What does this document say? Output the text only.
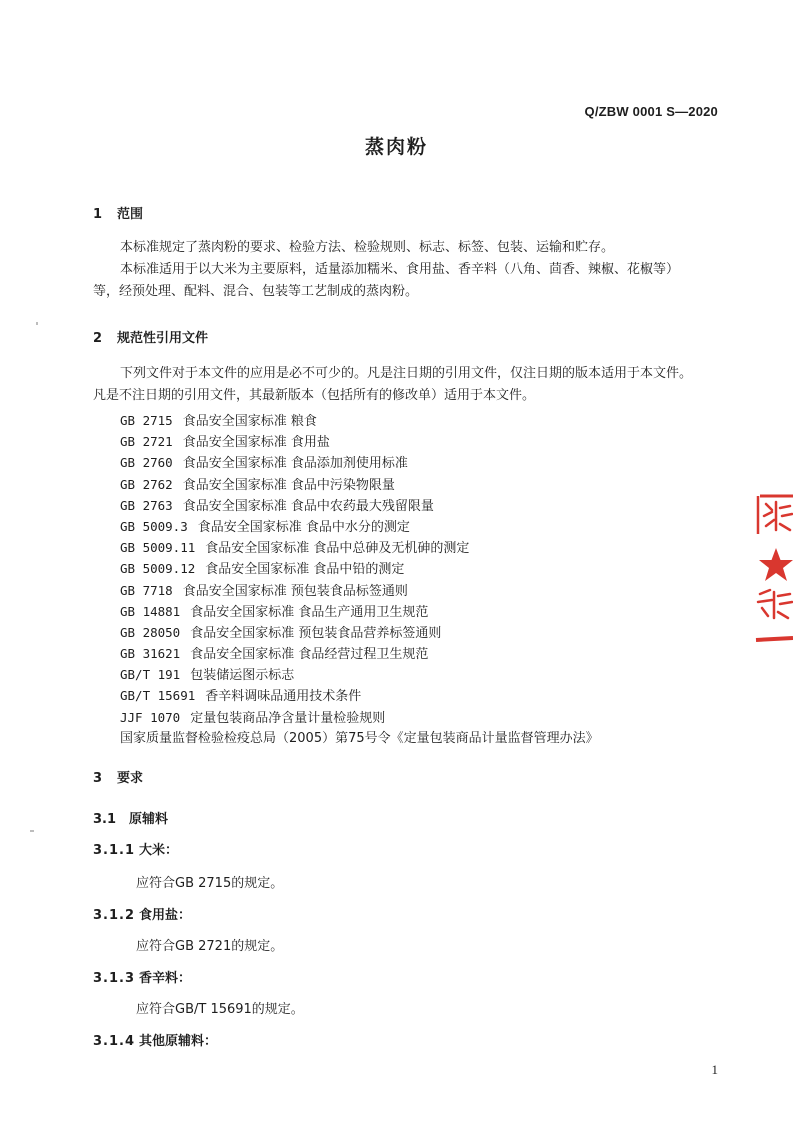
Q/ZBW 0001 S—2020
蒸肉粉
1 范围
本标准规定了蒸肉粉的要求、检验方法、检验规则、标志、标签、包装、运输和贮存。
本标准适用于以大米为主要原料，适量添加糯米、食用盐、香辛料（八角、茴香、辣椒、花椒等）
等，经预处理、配料、混合、包装等工艺制成的蒸肉粉。
2 规范性引用文件
下列文件对于本文件的应用是必不可少的。凡是注日期的引用文件，仅注日期的版本适用于本文件。
凡是不注日期的引用文件，其最新版本（包括所有的修改单）适用于本文件。
GB 2715 食品安全国家标准 粮食
GB 2721 食品安全国家标准 食用盐
GB 2760 食品安全国家标准 食品添加剂使用标准
GB 2762 食品安全国家标准 食品中污染物限量
GB 2763 食品安全国家标准 食品中农药最大残留限量
GB 5009.3 食品安全国家标准 食品中水分的测定
GB 5009.11 食品安全国家标准 食品中总砷及无机砷的测定
GB 5009.12 食品安全国家标准 食品中铅的测定
GB 7718 食品安全国家标准 预包装食品标签通则
GB 14881 食品安全国家标准 食品生产通用卫生规范
GB 28050 食品安全国家标准 预包装食品营养标签通则
GB 31621 食品安全国家标准 食品经营过程卫生规范
GB/T 191 包装储运图示标志
GB/T 15691 香辛料调味品通用技术条件
JJF 1070 定量包装商品净含量计量检验规则
国家质量监督检验检疫总局（2005）第75号令《定量包装商品计量监督管理办法》
3 要求
3.1 原辅料
3.1.1 大米：
应符合GB 2715的规定。
3.1.2 食用盐：
应符合GB 2721的规定。
3.1.3 香辛料：
应符合GB/T 15691的规定。
3.1.4 其他原辅料：
1
